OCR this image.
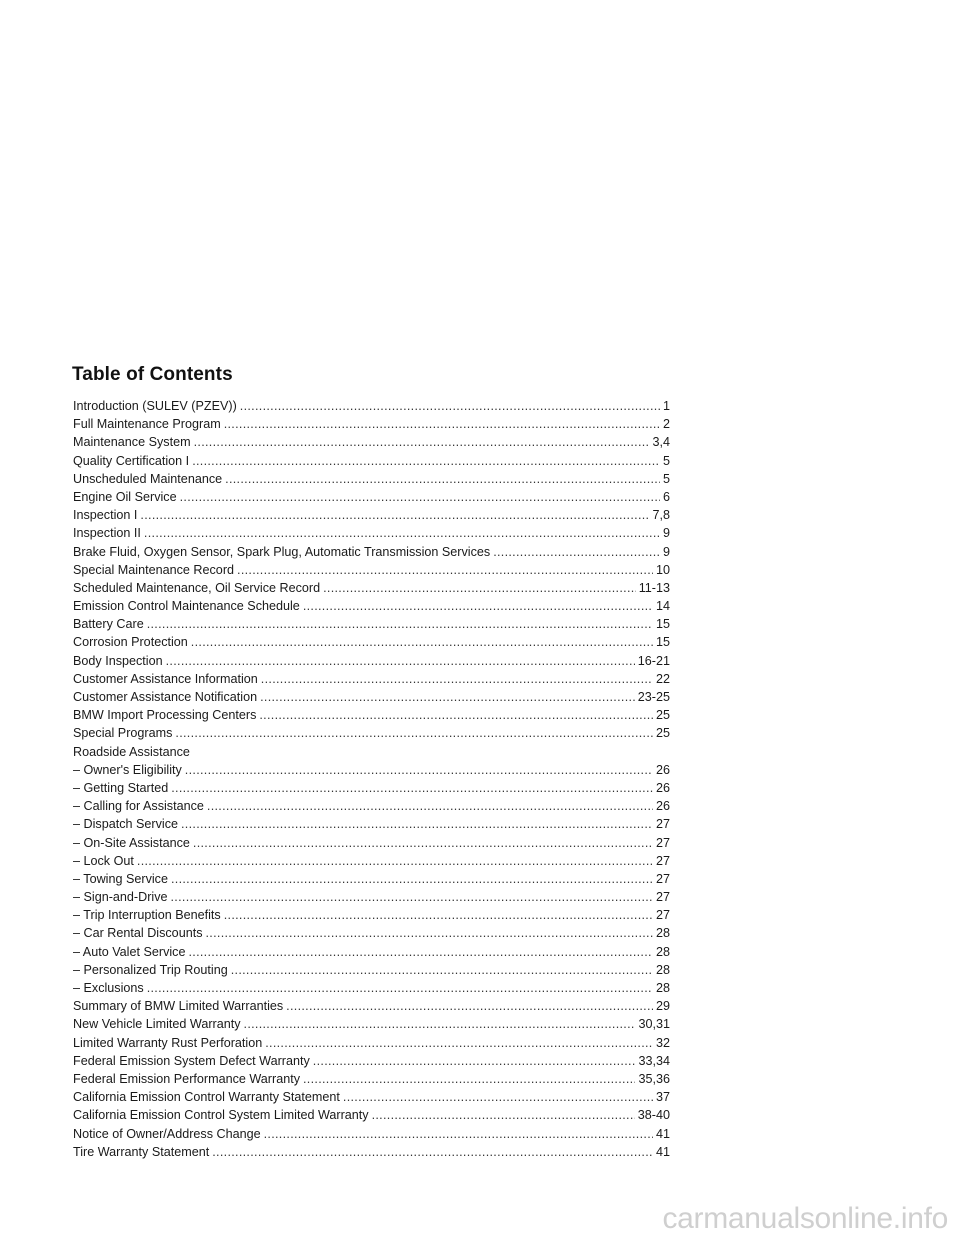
Table of Contents
Introduction (SULEV (PZEV)) . . .	1
Full Maintenance Program . . .	2
Maintenance System . . .	3,4
Quality Certification I . . .	5
Unscheduled Maintenance . . .	5
Engine Oil Service . . .	6
Inspection I . . .	7,8
Inspection II . . .	9
Brake Fluid, Oxygen Sensor, Spark Plug, Automatic Transmission Services . . .	9
Special Maintenance Record . . .	10
Scheduled Maintenance, Oil Service Record . . .	11-13
Emission Control Maintenance Schedule . . .	14
Battery Care . . .	15
Corrosion Protection . . .	15
Body Inspection . . .	16-21
Customer Assistance Information . . .	22
Customer Assistance Notification . . .	23-25
BMW Import Processing Centers . . .	25
Special Programs . . .	25
Roadside Assistance
– Owner's Eligibility . . .	26
– Getting Started . . .	26
– Calling for Assistance . . .	26
– Dispatch Service . . .	27
– On-Site Assistance . . .	27
– Lock Out . . .	27
– Towing Service . . .	27
– Sign-and-Drive . . .	27
– Trip Interruption Benefits . . .	27
– Car Rental Discounts . . .	28
– Auto Valet Service . . .	28
– Personalized Trip Routing . . .	28
– Exclusions . . .	28
Summary of BMW Limited Warranties . . .	29
New Vehicle Limited Warranty . . .	30,31
Limited Warranty Rust Perforation . . .	32
Federal Emission System Defect Warranty . . .	33,34
Federal Emission Performance Warranty . . .	35,36
California Emission Control Warranty Statement . . .	37
California Emission Control System Limited Warranty . . .	38-40
Notice of Owner/Address Change . . .	41
Tire Warranty Statement . . .	41
carmanualsonline.info
